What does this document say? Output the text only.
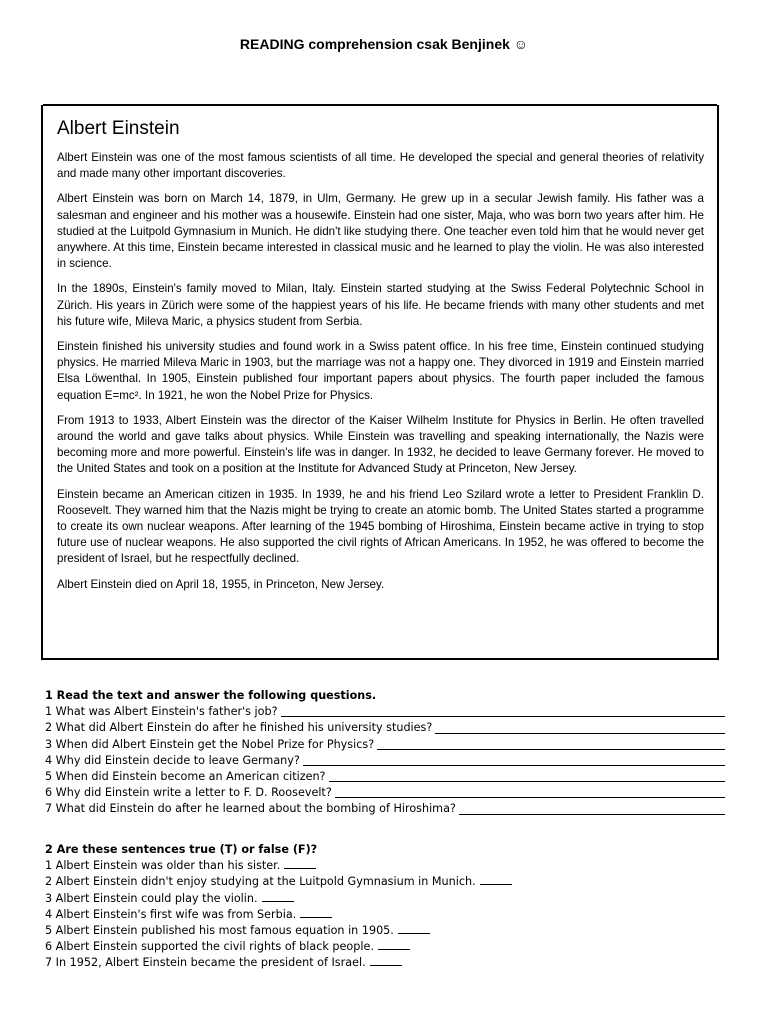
READING comprehension csak Benjinek ☺
Albert Einstein

Albert Einstein was one of the most famous scientists of all time. He developed the special and general theories of relativity and made many other important discoveries.

Albert Einstein was born on March 14, 1879, in Ulm, Germany. He grew up in a secular Jewish family. His father was a salesman and engineer and his mother was a housewife. Einstein had one sister, Maja, who was born two years after him. He studied at the Luitpold Gymnasium in Munich. He didn't like studying there. One teacher even told him that he would never get anywhere. At this time, Einstein became interested in classical music and he learned to play the violin. He was also interested in science.

In the 1890s, Einstein's family moved to Milan, Italy. Einstein started studying at the Swiss Federal Polytechnic School in Zürich. His years in Zürich were some of the happiest years of his life. He became friends with many other students and met his future wife, Mileva Maric, a physics student from Serbia.

Einstein finished his university studies and found work in a Swiss patent office. In his free time, Einstein continued studying physics. He married Mileva Maric in 1903, but the marriage was not a happy one. They divorced in 1919 and Einstein married Elsa Löwenthal. In 1905, Einstein published four important papers about physics. The fourth paper included the famous equation E=mc². In 1921, he won the Nobel Prize for Physics.

From 1913 to 1933, Albert Einstein was the director of the Kaiser Wilhelm Institute for Physics in Berlin. He often travelled around the world and gave talks about physics. While Einstein was travelling and speaking internationally, the Nazis were becoming more and more powerful. Einstein's life was in danger. In 1932, he decided to leave Germany forever. He moved to the United States and took on a position at the Institute for Advanced Study at Princeton, New Jersey.

Einstein became an American citizen in 1935. In 1939, he and his friend Leo Szilard wrote a letter to President Franklin D. Roosevelt. They warned him that the Nazis might be trying to create an atomic bomb. The United States started a programme to create its own nuclear weapons. After learning of the 1945 bombing of Hiroshima, Einstein became active in trying to stop future use of nuclear weapons. He also supported the civil rights of African Americans. In 1952, he was offered to become the president of Israel, but he respectfully declined.

Albert Einstein died on April 18, 1955, in Princeton, New Jersey.

1 Read the text and answer the following questions.
1 What was Albert Einstein's father's job?
2 What did Albert Einstein do after he finished his university studies?
3 When did Albert Einstein get the Nobel Prize for Physics?
4 Why did Einstein decide to leave Germany?
5 When did Einstein become an American citizen?
6 Why did Einstein write a letter to F. D. Roosevelt?
7 What did Einstein do after he learned about the bombing of Hiroshima?
2 Are these sentences true (T) or false (F)?
1 Albert Einstein was older than his sister.
2 Albert Einstein didn't enjoy studying at the Luitpold Gymnasium in Munich.
3 Albert Einstein could play the violin.
4 Albert Einstein's first wife was from Serbia.
5 Albert Einstein published his most famous equation in 1905.
6 Albert Einstein supported the civil rights of black people.
7 In 1952, Albert Einstein became the president of Israel.
